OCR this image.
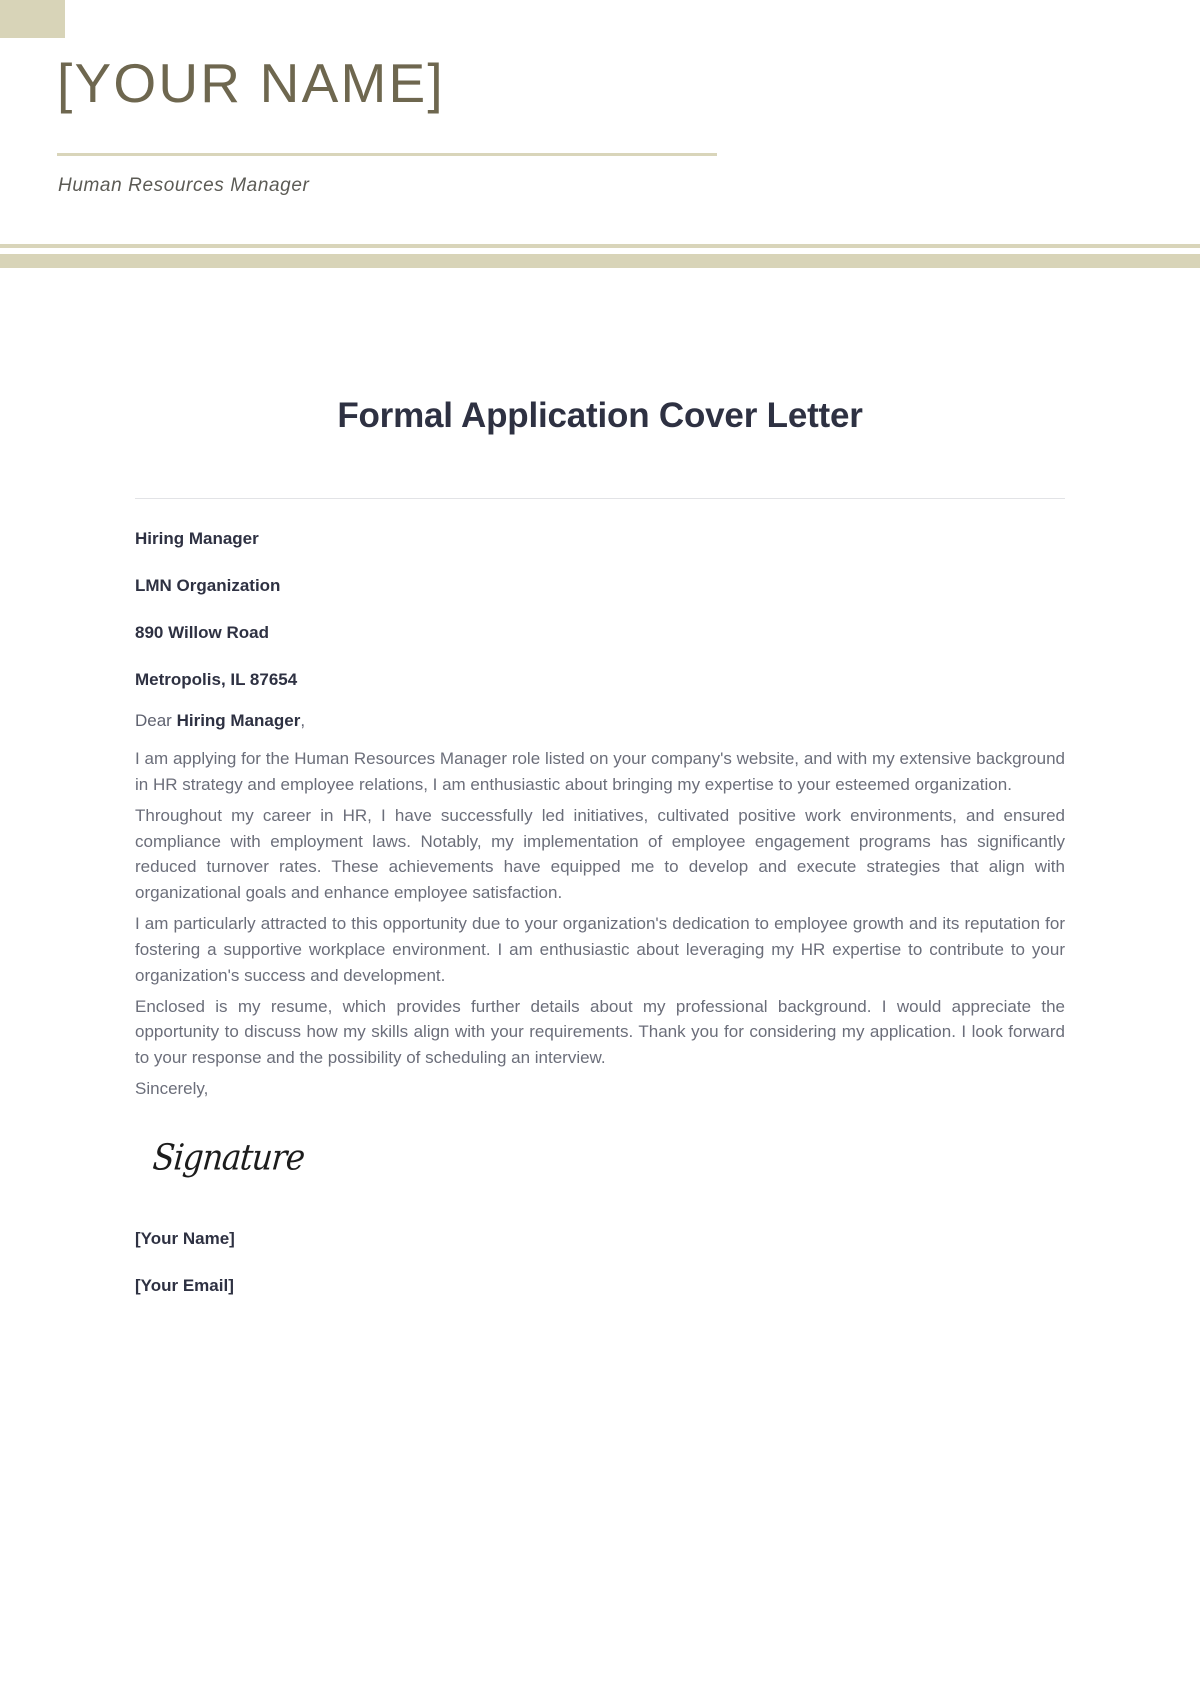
[YOUR NAME]
Human Resources Manager
Formal Application Cover Letter

Hiring Manager

LMN Organization

890 Willow Road

Metropolis, IL 87654

Dear Hiring Manager,

I am applying for the Human Resources Manager role listed on your company's website, and with my extensive background in HR strategy and employee relations, I am enthusiastic about bringing my expertise to your esteemed organization.

Throughout my career in HR, I have successfully led initiatives, cultivated positive work environments, and ensured compliance with employment laws. Notably, my implementation of employee engagement programs has significantly reduced turnover rates. These achievements have equipped me to develop and execute strategies that align with organizational goals and enhance employee satisfaction.

I am particularly attracted to this opportunity due to your organization's dedication to employee growth and its reputation for fostering a supportive workplace environment. I am enthusiastic about leveraging my HR expertise to contribute to your organization's success and development.

Enclosed is my resume, which provides further details about my professional background. I would appreciate the opportunity to discuss how my skills align with your requirements. Thank you for considering my application. I look forward to your response and the possibility of scheduling an interview.

Sincerely,

Signature

[Your Name]

[Your Email]
